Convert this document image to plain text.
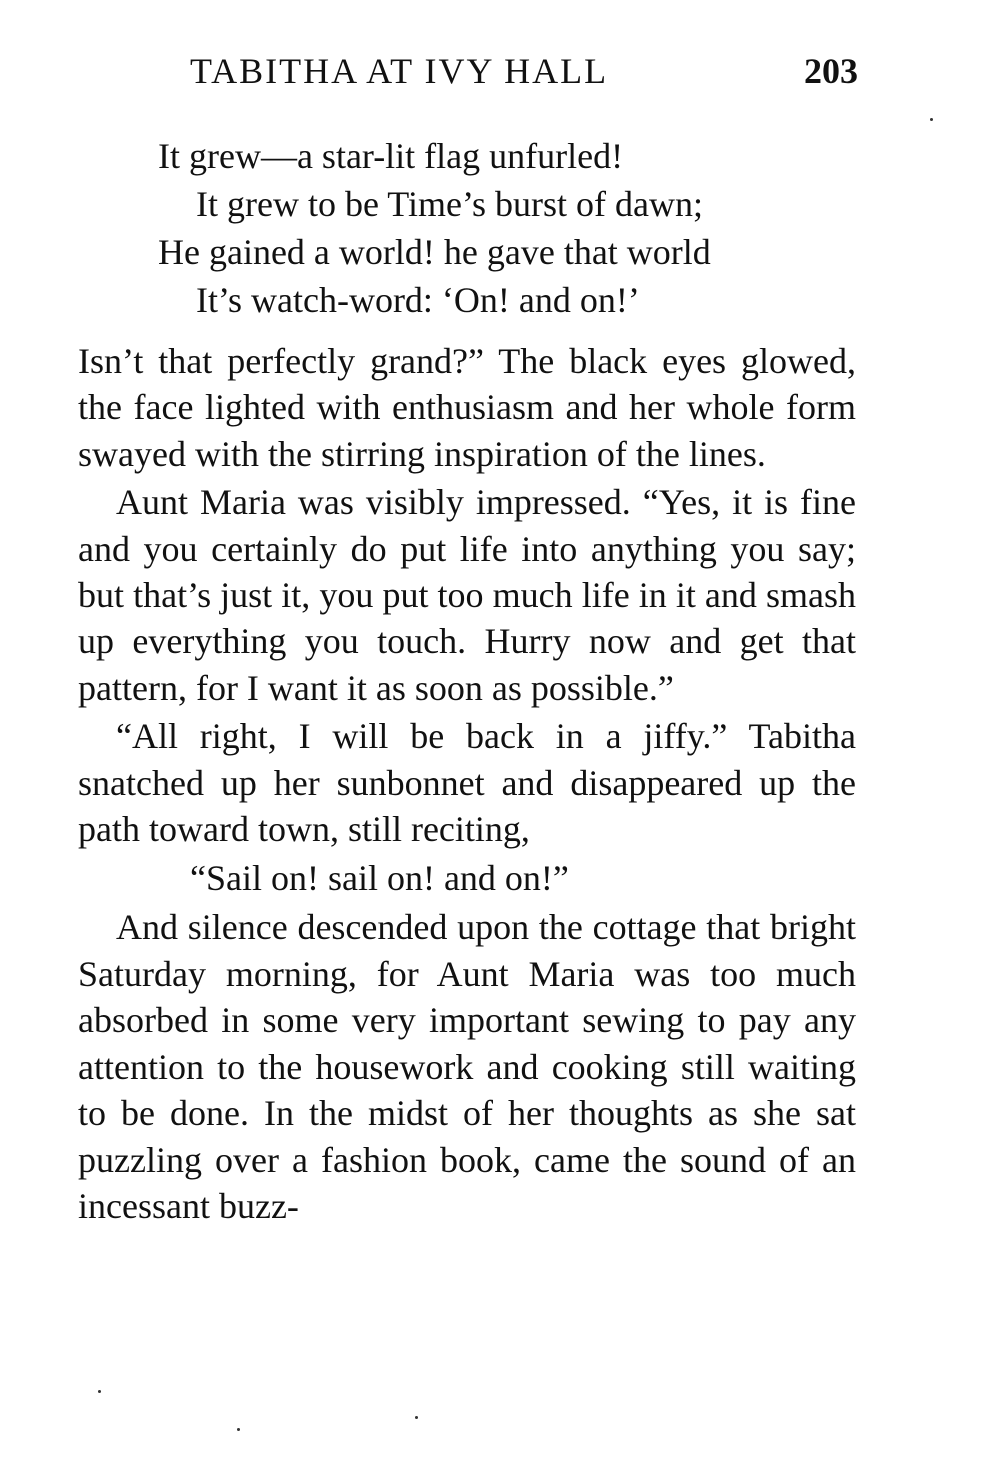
TABITHA AT IVY HALL	203
It grew—a star-lit flag unfurled!
It grew to be Time’s burst of dawn;
He gained a world! he gave that world
It’s watch-word: ‘On! and on!’

Isn’t that perfectly grand?” The black eyes glowed, the face lighted with enthusiasm and her whole form swayed with the stirring inspiration of the lines.

Aunt Maria was visibly impressed. “Yes, it is fine and you certainly do put life into anything you say; but that’s just it, you put too much life in it and smash up everything you touch. Hurry now and get that pattern, for I want it as soon as possible.”

“All right, I will be back in a jiffy.” Tabitha snatched up her sunbonnet and disappeared up the path toward town, still reciting,

“Sail on! sail on! and on!”

And silence descended upon the cottage that bright Saturday morning, for Aunt Maria was too much absorbed in some very important sewing to pay any attention to the housework and cooking still waiting to be done. In the midst of her thoughts as she sat puzzling over a fashion book, came the sound of an incessant buzz-
